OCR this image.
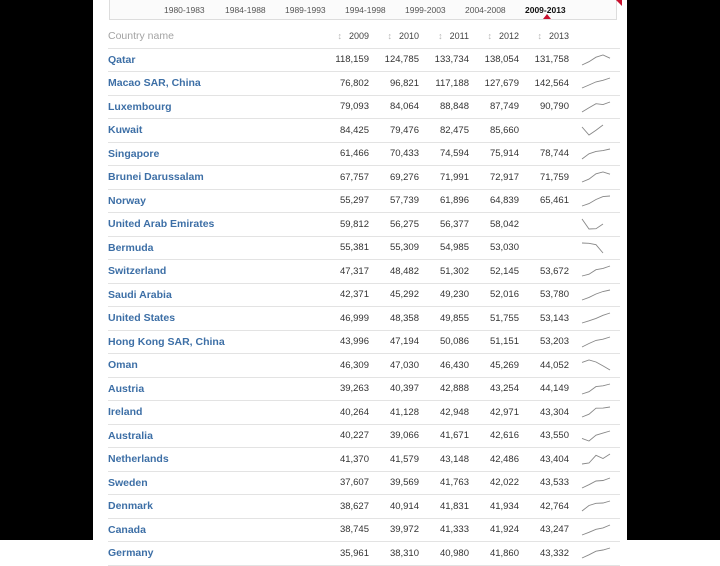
1980-1983 1984-1988 1989-1993 1994-1998 1999-2003 2004-2008 2009-2013
Country name	↕ 2009	↕ 2010	↕ 2011	↕ 2012	↕ 2013	
Qatar	118,159	124,785	133,734	138,054	131,758	

Macao SAR, China	76,802	96,821	117,188	127,679	142,564	

Luxembourg	79,093	84,064	88,848	87,749	90,790	

Kuwait	84,425	79,476	82,475	85,660		

Singapore	61,466	70,433	74,594	75,914	78,744	

Brunei Darussalam	67,757	69,276	71,991	72,917	71,759	

Norway	55,297	57,739	61,896	64,839	65,461	

United Arab Emirates	59,812	56,275	56,377	58,042		

Bermuda	55,381	55,309	54,985	53,030		

Switzerland	47,317	48,482	51,302	52,145	53,672	

Saudi Arabia	42,371	45,292	49,230	52,016	53,780	

United States	46,999	48,358	49,855	51,755	53,143	

Hong Kong SAR, China	43,996	47,194	50,086	51,151	53,203	

Oman	46,309	47,030	46,430	45,269	44,052	

Austria	39,263	40,397	42,888	43,254	44,149	

Ireland	40,264	41,128	42,948	42,971	43,304	

Australia	40,227	39,066	41,671	42,616	43,550	

Netherlands	41,370	41,579	43,148	42,486	43,404	

Sweden	37,607	39,569	41,763	42,022	43,533	

Denmark	38,627	40,914	41,831	41,934	42,764	

Canada	38,745	39,972	41,333	41,924	43,247	

Germany	35,961	38,310	40,980	41,860	43,332	
